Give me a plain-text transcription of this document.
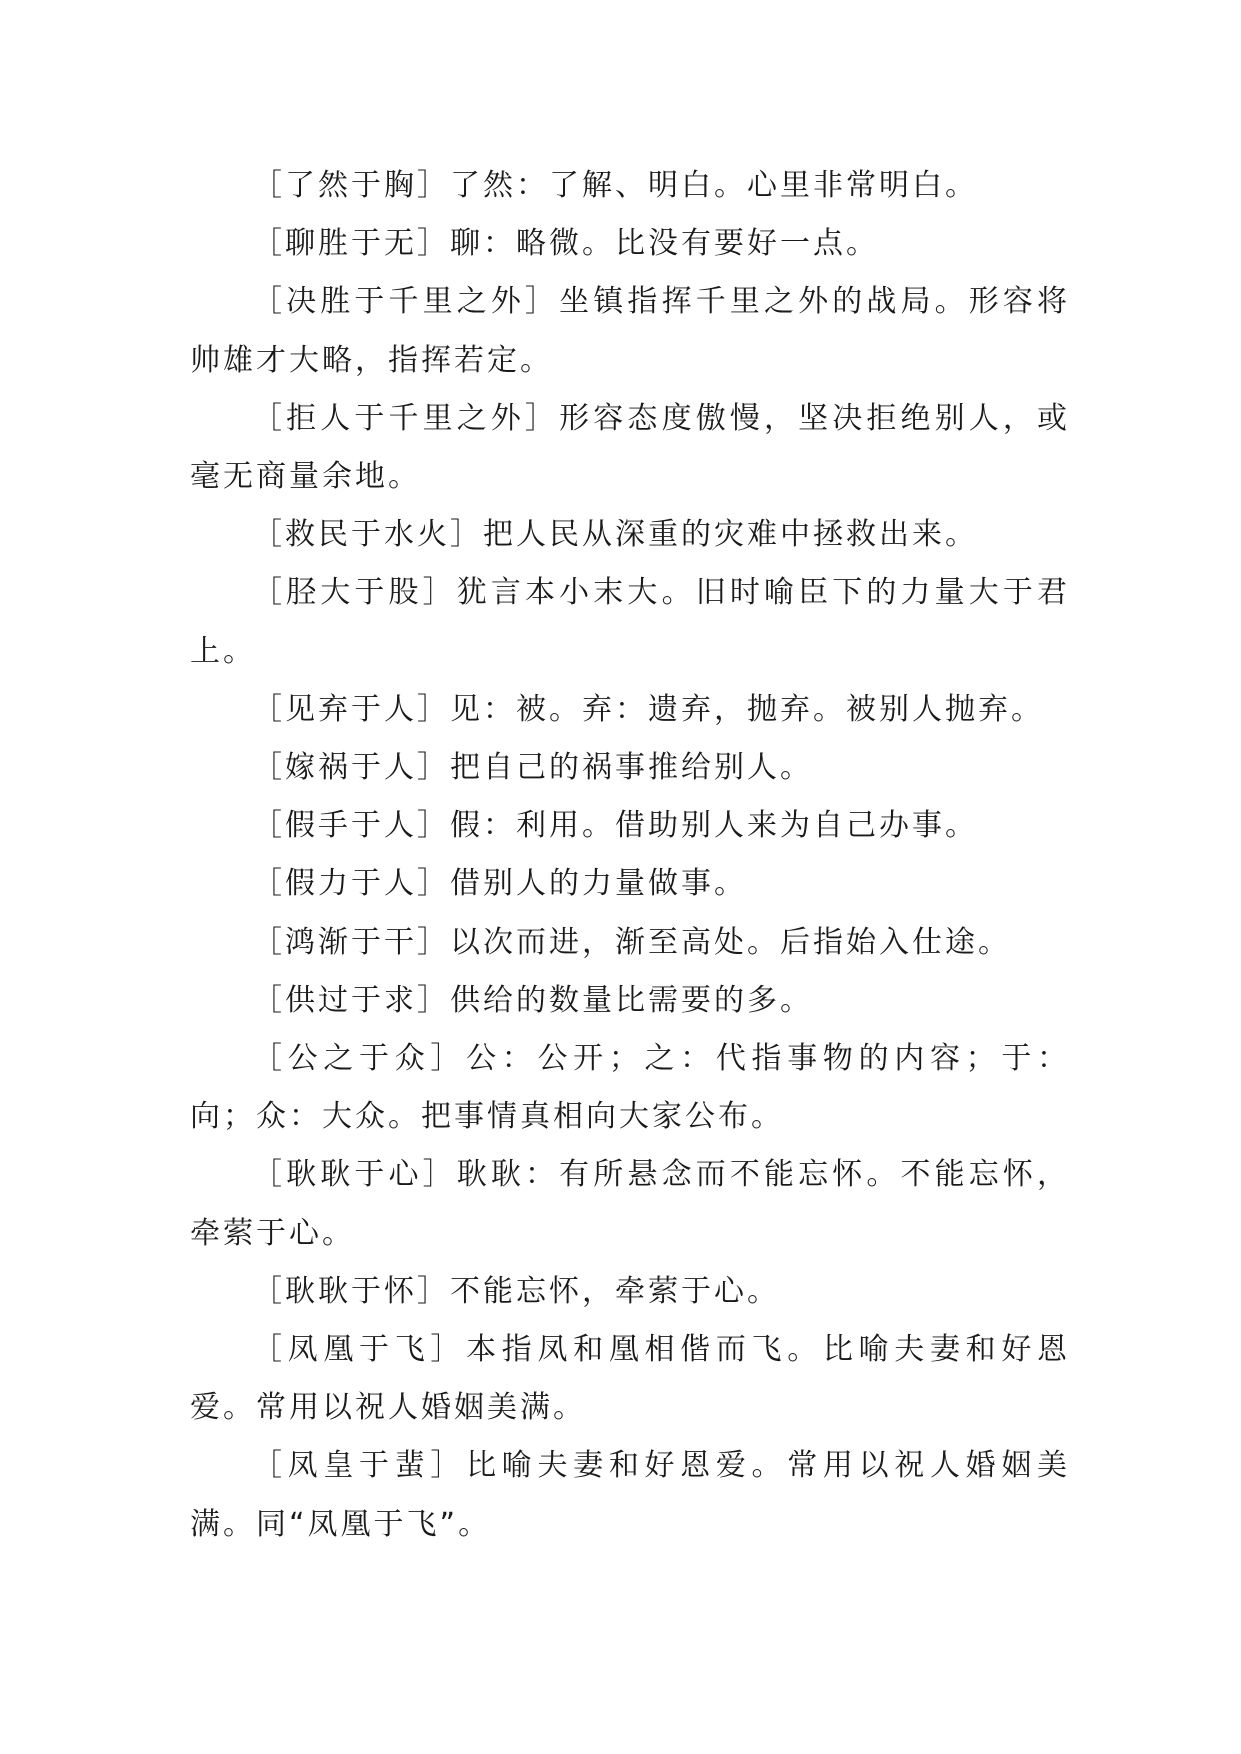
［了然于胸］了然：了解、明白。心里非常明白。

［聊胜于无］聊：略微。比没有要好一点。

［决胜于千里之外］坐镇指挥千里之外的战局。形容将帅雄才大略，指挥若定。

［拒人于千里之外］形容态度傲慢，坚决拒绝别人，或毫无商量余地。

［救民于水火］把人民从深重的灾难中拯救出来。

［胫大于股］犹言本小末大。旧时喻臣下的力量大于君上。

［见弃于人］见：被。弃：遗弃，抛弃。被别人抛弃。

［嫁祸于人］把自己的祸事推给别人。

［假手于人］假：利用。借助别人来为自己办事。

［假力于人］借别人的力量做事。

［鸿渐于干］以次而进，渐至高处。后指始入仕途。

［供过于求］供给的数量比需要的多。

［公之于众］公：公开；之：代指事物的内容；于：向；众：大众。把事情真相向大家公布。

［耿耿于心］耿耿：有所悬念而不能忘怀。不能忘怀，牵萦于心。

［耿耿于怀］不能忘怀，牵萦于心。

［凤凰于飞］本指凤和凰相偕而飞。比喻夫妻和好恩爱。常用以祝人婚姻美满。

［凤皇于蜚］比喻夫妻和好恩爱。常用以祝人婚姻美满。同“凤凰于飞”。
